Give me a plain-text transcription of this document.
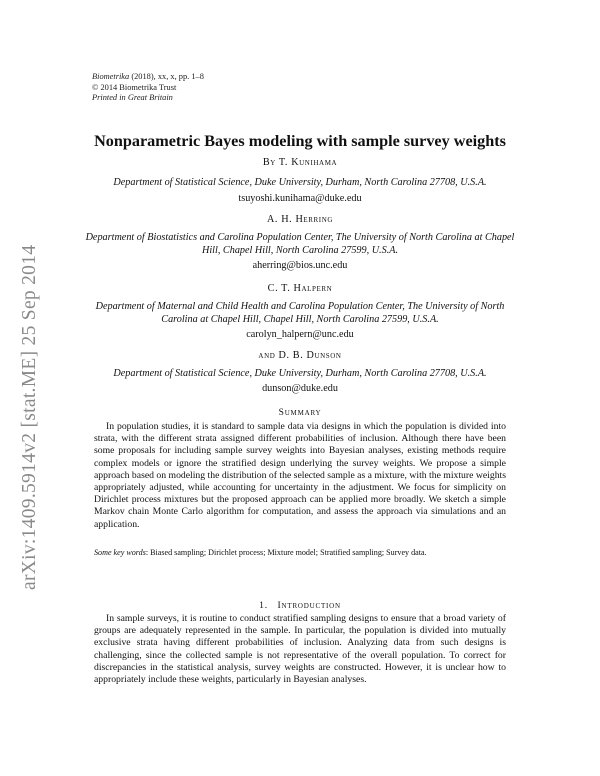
arXiv:1409.5914v2 [stat.ME] 25 Sep 2014
Biometrika (2018), xx, x, pp. 1–8
© 2014 Biometrika Trust
Printed in Great Britain
Nonparametric Bayes modeling with sample survey weights
By T. Kunihama
Department of Statistical Science, Duke University, Durham, North Carolina 27708, U.S.A.
tsuyoshi.kunihama@duke.edu
A. H. Herring
Department of Biostatistics and Carolina Population Center, The University of North Carolina at Chapel Hill, Chapel Hill, North Carolina 27599, U.S.A.
aherring@bios.unc.edu
C. T. Halpern
Department of Maternal and Child Health and Carolina Population Center, The University of North Carolina at Chapel Hill, Chapel Hill, North Carolina 27599, U.S.A.
carolyn_halpern@unc.edu
and D. B. Dunson
Department of Statistical Science, Duke University, Durham, North Carolina 27708, U.S.A.
dunson@duke.edu
Summary

In population studies, it is standard to sample data via designs in which the population is divided into strata, with the different strata assigned different probabilities of inclusion. Although there have been some proposals for including sample survey weights into Bayesian analyses, existing methods require complex models or ignore the stratified design underlying the survey weights. We propose a simple approach based on modeling the distribution of the selected sample as a mixture, with the mixture weights appropriately adjusted, while accounting for uncertainty in the adjustment. We focus for simplicity on Dirichlet process mixtures but the proposed approach can be applied more broadly. We sketch a simple Markov chain Monte Carlo algorithm for computation, and assess the approach via simulations and an application.

Some key words: Biased sampling; Dirichlet process; Mixture model; Stratified sampling; Survey data.
1. Introduction

In sample surveys, it is routine to conduct stratified sampling designs to ensure that a broad variety of groups are adequately represented in the sample. In particular, the population is divided into mutually exclusive strata having different probabilities of inclusion. Analyzing data from such designs is challenging, since the collected sample is not representative of the overall population. To correct for discrepancies in the statistical analysis, survey weights are constructed. However, it is unclear how to appropriately include these weights, particularly in Bayesian analyses.
